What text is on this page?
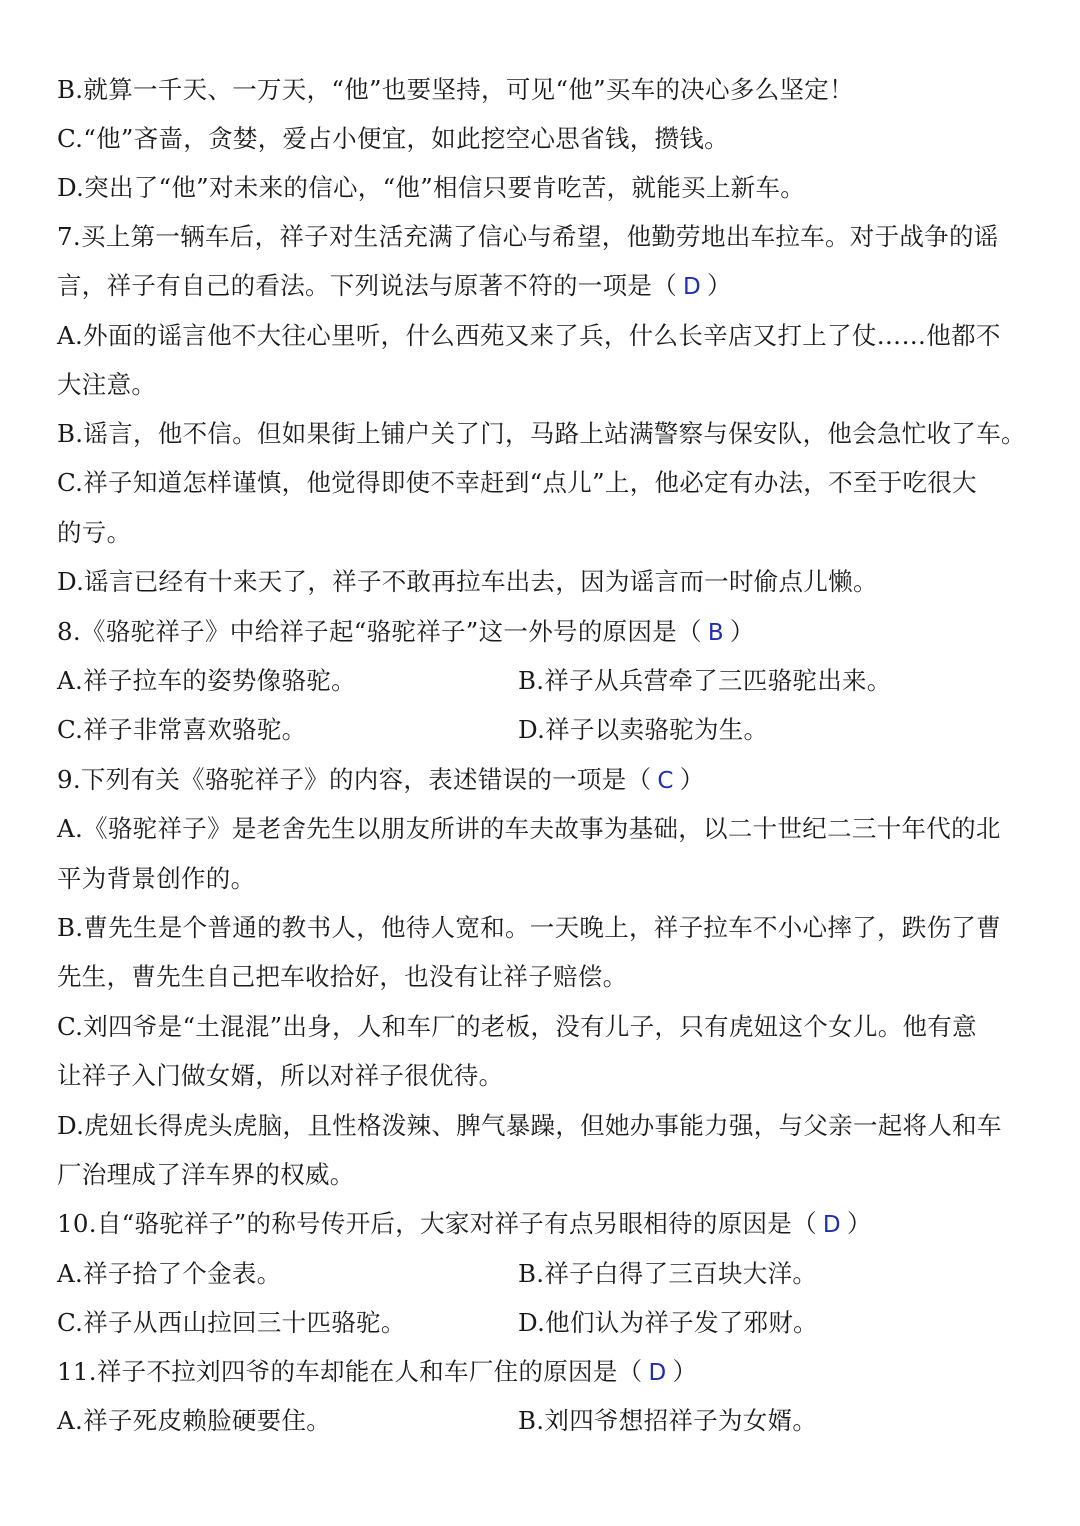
B.就算一千天、一万天，“他”也要坚持，可见“他”买车的决心多么坚定！
C.“他”吝啬，贪婪，爱占小便宜，如此挖空心思省钱，攒钱。
D.突出了“他”对未来的信心，“他”相信只要肯吃苦，就能买上新车。
7.买上第一辆车后，祥子对生活充满了信心与希望，他勤劳地出车拉车。对于战争的谣
言，祥子有自己的看法。下列说法与原著不符的一项是（ D ）
A.外面的谣言他不大往心里听，什么西苑又来了兵，什么长辛店又打上了仗……他都不
大注意。
B.谣言，他不信。但如果街上铺户关了门，马路上站满警察与保安队，他会急忙收了车。
C.祥子知道怎样谨慎，他觉得即使不幸赶到“点儿”上，他必定有办法，不至于吃很大
的亏。
D.谣言已经有十来天了，祥子不敢再拉车出去，因为谣言而一时偷点儿懒。
8.《骆驼祥子》中给祥子起“骆驼祥子”这一外号的原因是（ B ）
A.祥子拉车的姿势像骆驼。	B.祥子从兵营牵了三匹骆驼出来。
C.祥子非常喜欢骆驼。	D.祥子以卖骆驼为生。
9.下列有关《骆驼祥子》的内容，表述错误的一项是（ C ）
A.《骆驼祥子》是老舍先生以朋友所讲的车夫故事为基础，以二十世纪二三十年代的北
平为背景创作的。
B.曹先生是个普通的教书人，他待人宽和。一天晚上，祥子拉车不小心摔了，跌伤了曹
先生，曹先生自己把车收拾好，也没有让祥子赔偿。
C.刘四爷是“土混混”出身，人和车厂的老板，没有儿子，只有虎妞这个女儿。他有意
让祥子入门做女婿，所以对祥子很优待。
D.虎妞长得虎头虎脑，且性格泼辣、脾气暴躁，但她办事能力强，与父亲一起将人和车
厂治理成了洋车界的权威。
10.自“骆驼祥子”的称号传开后，大家对祥子有点另眼相待的原因是（ D ）
A.祥子拾了个金表。	B.祥子白得了三百块大洋。
C.祥子从西山拉回三十匹骆驼。	D.他们认为祥子发了邪财。
11.祥子不拉刘四爷的车却能在人和车厂住的原因是（ D ）
A.祥子死皮赖脸硬要住。	B.刘四爷想招祥子为女婿。
